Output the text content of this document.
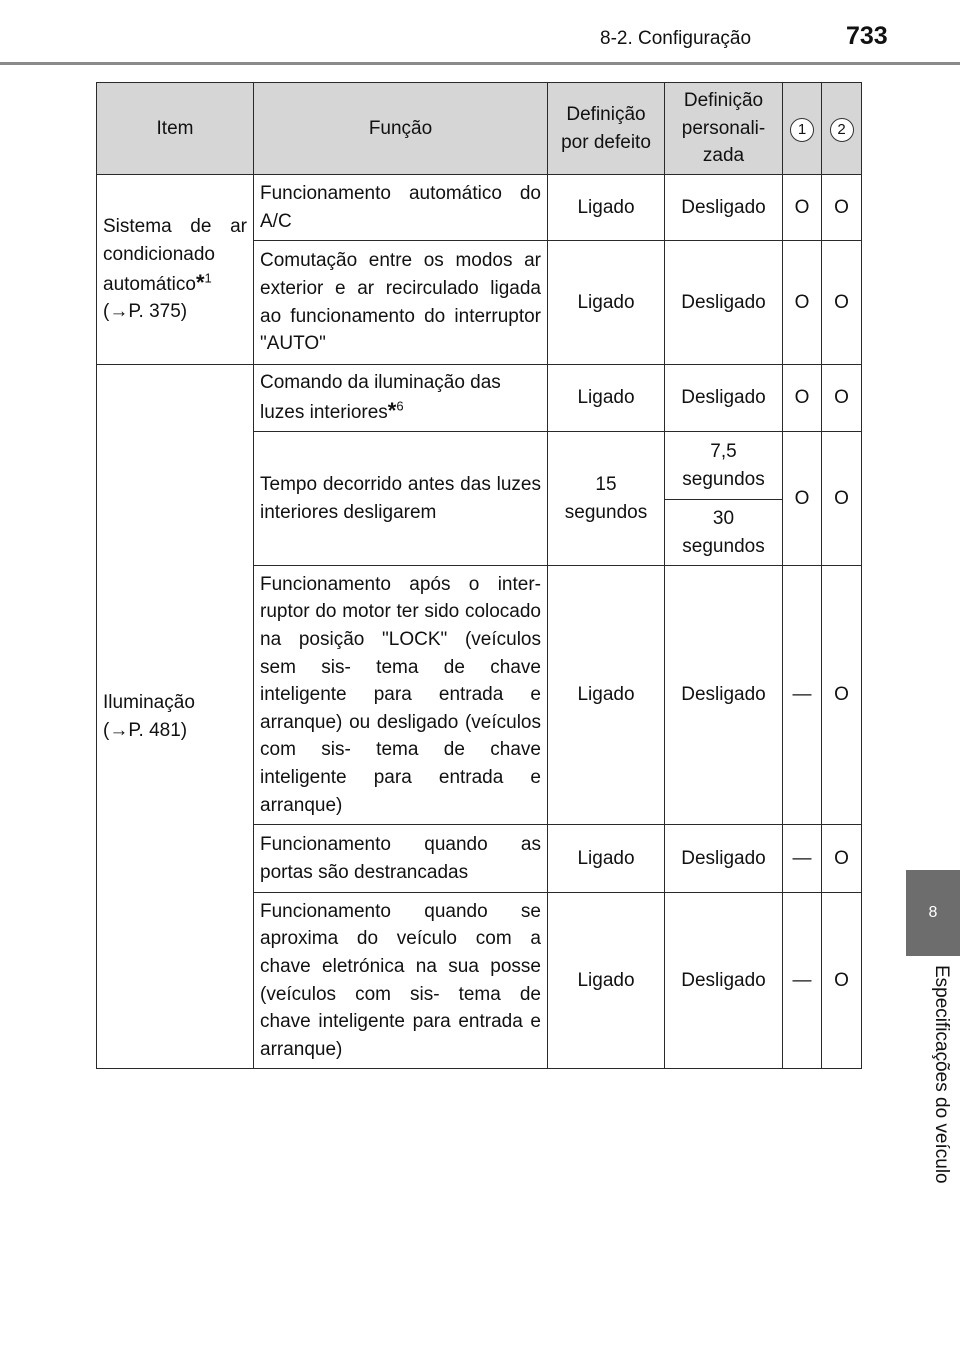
8-2. Configuração	733
8
Especificações do veículo
Item	Função	Definição por defeito	Definição personali- zada	1	2
Sistema de ar condicionado automático*$^1$
(→P. 375)	Funcionamento automático do A/C	Ligado	Desligado	O	O
	Comutação entre os modos ar exterior e ar recirculado ligada ao funcionamento do interruptor "AUTO"	Ligado	Desligado	O	O
Iluminação
(→P. 481)	Comando da iluminação das luzes interiores*$^6$	Ligado	Desligado	O	O
	Tempo decorrido antes das luzes interiores desligarem	15 segundos	7,5 segundos	O	O
			30 segundos		
	Funcionamento após o inter- ruptor do motor ter sido colocado na posição "LOCK" (veículos sem sis- tema de chave inteligente para entrada e arranque) ou desligado (veículos com sis- tema de chave inteligente para entrada e arranque)	Ligado	Desligado	—	O
	Funcionamento quando as portas são destrancadas	Ligado	Desligado	—	O
	Funcionamento quando se aproxima do veículo com a chave eletrónica na sua posse (veículos com sis- tema de chave inteligente para entrada e arranque)	Ligado	Desligado	—	O
